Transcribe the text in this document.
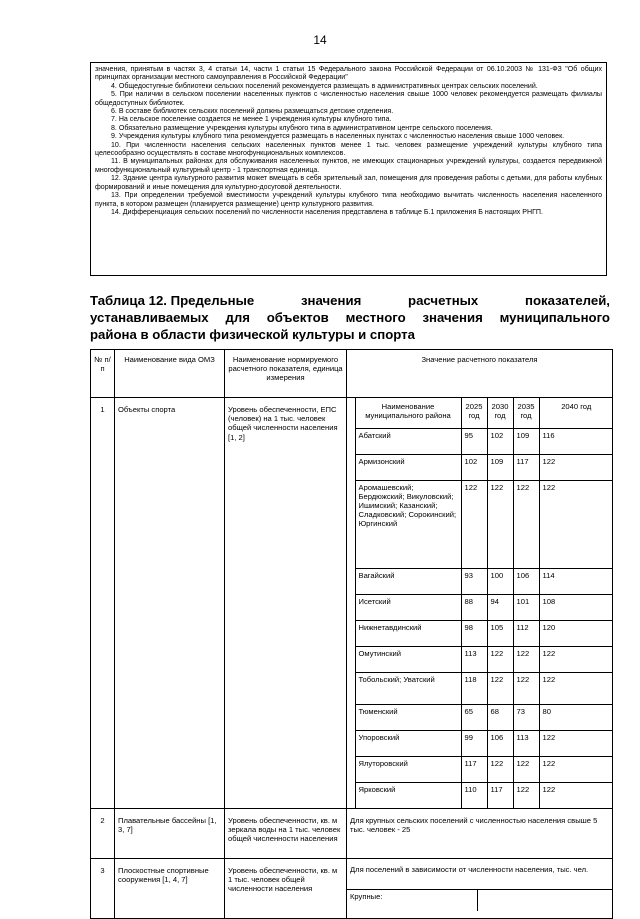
14

значения, принятым в частях 3, 4 статьи 14, части 1 статьи 15 Федерального закона Российской Федерации от 06.10.2003 № 131-ФЗ "Об общих принципах организации местного самоуправления в Российской Федерации"

4. Общедоступные библиотеки сельских поселений рекомендуется размещать в административных центрах сельских поселений.

5. При наличии в сельском поселении населенных пунктов с численностью населения свыше 1000 человек рекомендуется размещать филиалы общедоступных библиотек.

6. В составе библиотек сельских поселений должны размещаться детские отделения.

7. На сельское поселение создается не менее 1 учреждения культуры клубного типа.

8. Обязательно размещение учреждения культуры клубного типа в административном центре сельского поселения.

9. Учреждения культуры клубного типа рекомендуется размещать в населенных пунктах с численностью населения свыше 1000 человек.

10. При численности населения сельских населенных пунктов менее 1 тыс. человек размещение учреждений культуры клубного типа целесообразно осуществлять в составе многофункциональных комплексов.

11. В муниципальных районах для обслуживания населенных пунктов, не имеющих стационарных учреждений культуры, создается передвижной многофункциональный культурный центр - 1 транспортная единица.

12. Здание центра культурного развития может вмещать в себя зрительный зал, помещения для проведения работы с детьми, для работы клубных формирований и иные помещения для культурно-досуговой деятельности.

13. При определении требуемой вместимости учреждений культуры клубного типа необходимо вычитать численность населения населенного пункта, в котором размещен (планируется размещение) центр культурного развития.

14. Дифференциация сельских поселений по численности населения представлена в таблице Б.1 приложения Б настоящих РНГП.

Таблица 12. Предельные	значения	расчетных	показателей,
устанавливаемых для объектов местного значения муниципального
района в области физической культуры и спорта
№ п/п	Наименование вида ОМЗ	Наименование нормируемого расчетного показателя, единица измерения	Значение расчетного показателя
1	Объекты спорта	Уровень обеспеченности, ЕПС (человек) на 1 тыс. человек общей численности населения [1, 2]	
	Наименование муниципального района	2025 год	2030 год	2035 год	2040 год
Абатский	95	102	109	116
Армизонский	102	109	117	122
Аромашевский; Бердюжский; Викуловский; Ишимский; Казанский; Сладковский; Сорокинский; Юргинский	122	122	122	122
Вагайский	93	100	106	114
Исетский	88	94	101	108
Нижнетавдинский	98	105	112	120
Омутинский	113	122	122	122
Тобольский; Уватский	118	122	122	122
Тюменский	65	68	73	80
Упоровский	99	106	113	122
Ялуторовский	117	122	122	122
Ярковский	110	117	122	122

2	Плавательные бассейны [1, 3, 7]	Уровень обеспеченности, кв. м зеркала воды на 1 тыс. человек общей численности населения	Для крупных сельских поселений с численностью населения свыше 5 тыс. человек - 25
3	Плоскостные спортивные сооружения [1, 4, 7]	Уровень обеспеченности, кв. м 1 тыс. человек общей численности населения	
Для поселений в зависимости от численности населения, тыс. чел.
Крупные:	
